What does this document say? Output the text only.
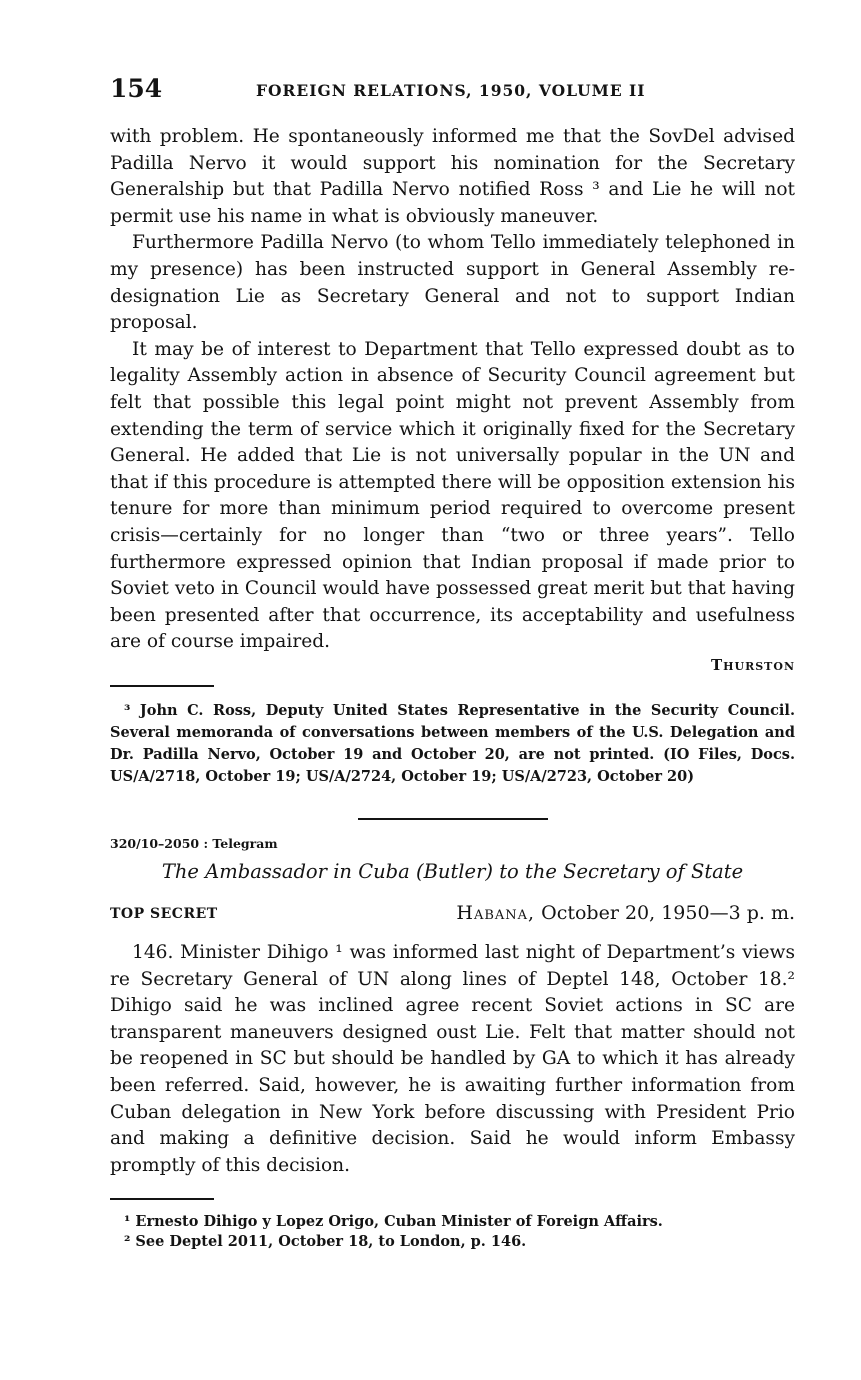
154	FOREIGN RELATIONS, 1950, VOLUME II

with problem. He spontaneously informed me that the SovDel advised Padilla Nervo it would support his nomination for the Secretary Generalship but that Padilla Nervo notified Ross ³ and Lie he will not permit use his name in what is obviously maneuver.

Furthermore Padilla Nervo (to whom Tello immediately telephoned in my presence) has been instructed support in General Assembly re-designation Lie as Secretary General and not to support Indian proposal.

It may be of interest to Department that Tello expressed doubt as to legality Assembly action in absence of Security Council agreement but felt that possible this legal point might not prevent Assembly from extending the term of service which it originally fixed for the Secretary General. He added that Lie is not universally popular in the UN and that if this procedure is attempted there will be opposition extension his tenure for more than minimum period required to overcome present crisis—certainly for no longer than “two or three years”. Tello furthermore expressed opinion that Indian proposal if made prior to Soviet veto in Council would have possessed great merit but that having been presented after that occurrence, its acceptability and usefulness are of course impaired.

Thurston

³ John C. Ross, Deputy United States Representative in the Security Council. Several memoranda of conversations between members of the U.S. Delegation and Dr. Padilla Nervo, October 19 and October 20, are not printed. (IO Files, Docs. US/A/2718, October 19; US/A/2724, October 19; US/A/2723, October 20)

320/10–2050 : Telegram
The Ambassador in Cuba (Butler) to the Secretary of State
TOP SECRET	Habana, October 20, 1950—3 p. m.

146. Minister Dihigo ¹ was informed last night of Department’s views re Secretary General of UN along lines of Deptel 148, October 18.² Dihigo said he was inclined agree recent Soviet actions in SC are transparent maneuvers designed oust Lie. Felt that matter should not be reopened in SC but should be handled by GA to which it has already been referred. Said, however, he is awaiting further information from Cuban delegation in New York before discussing with President Prio and making a definitive decision. Said he would inform Embassy promptly of this decision.

¹ Ernesto Dihigo y Lopez Origo, Cuban Minister of Foreign Affairs.

² See Deptel 2011, October 18, to London, p. 146.
